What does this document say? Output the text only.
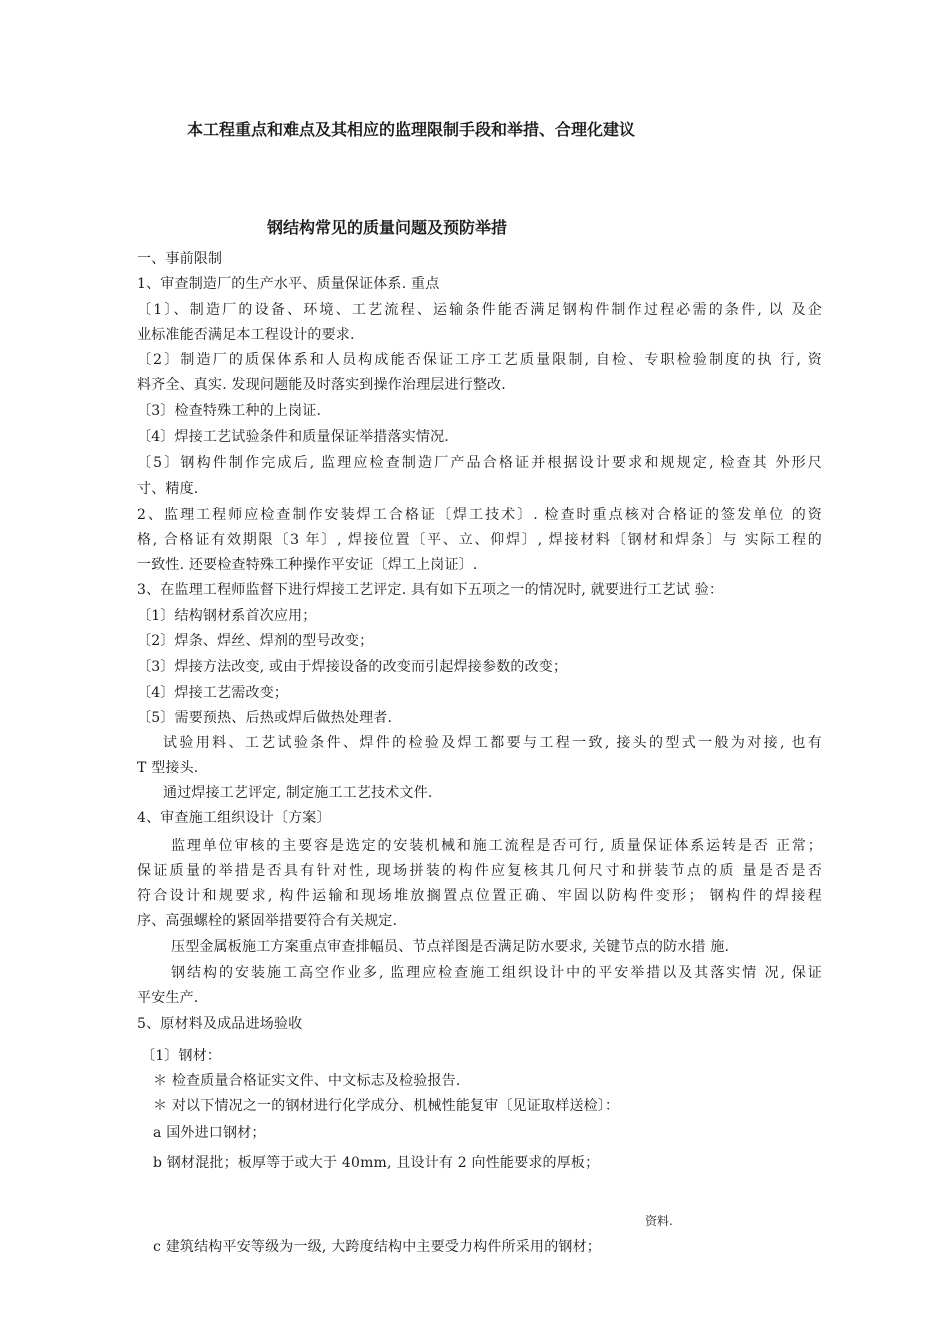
本工程重点和难点及其相应的监理限制手段和举措、合理化建议
钢结构常见的质量问题及预防举措
一、事前限制
1、审查制造厂的生产水平、质量保证体系. 重点
〔1〕、制造厂的设备、环境、工艺流程、运输条件能否满足钢构件制作过程必需的条件, 以 及企
业标准能否满足本工程设计的要求.
〔2〕制造厂的质保体系和人员构成能否保证工序工艺质量限制, 自检、专职检验制度的执 行, 资
料齐全、真实. 发现问题能及时落实到操作治理层进行整改.
〔3〕检查特殊工种的上岗证.
〔4〕焊接工艺试验条件和质量保证举措落实情况.
〔5〕钢构件制作完成后, 监理应检查制造厂产品合格证并根据设计要求和规规定, 检查其 外形尺
寸、精度.
2、监理工程师应检查制作安装焊工合格证〔焊工技术〕. 检查时重点核对合格证的签发单位 的资
格, 合格证有效期限〔3 年〕, 焊接位置〔平、立、仰焊〕, 焊接材料〔钢材和焊条〕与 实际工程的
一致性. 还要检查特殊工种操作平安证〔焊工上岗证〕.
3、在监理工程师监督下进行焊接工艺评定. 具有如下五项之一的情况时, 就要进行工艺试 验：
〔1〕结构钢材系首次应用；
〔2〕焊条、焊丝、焊剂的型号改变；
〔3〕焊接方法改变, 或由于焊接设备的改变而引起焊接参数的改变；
〔4〕焊接工艺需改变；
〔5〕需要预热、后热或焊后做热处理者.
试验用料、工艺试验条件、焊件的检验及焊工都要与工程一致, 接头的型式一般为对接, 也有
T 型接头.
通过焊接工艺评定, 制定施工工艺技术文件.
4、审查施工组织设计〔方案〕
监理单位审核的主要容是选定的安装机械和施工流程是否可行, 质量保证体系运转是否 正常；
保证质量的举措是否具有针对性, 现场拼装的构件应复核其几何尺寸和拼装节点的质 量是否是否
符合设计和规要求, 构件运输和现场堆放搁置点位置正确、牢固以防构件变形； 钢构件的焊接程
序、高强螺栓的紧固举措要符合有关规定.
压型金属板施工方案重点审查排幅员、节点祥图是否满足防水要求, 关键节点的防水措 施.
钢结构的安装施工高空作业多, 监理应检查施工组织设计中的平安举措以及其落实情 况, 保证
平安生产.
5、原材料及成品进场验收
〔1〕钢材：
＊ 检查质量合格证实文件、中文标志及检验报告.
＊ 对以下情况之一的钢材进行化学成分、机械性能复审〔见证取样送检〕：
a 国外进口钢材；
b 钢材混批；板厚等于或大于 40mm, 且设计有 2 向性能要求的厚板；
c 建筑结构平安等级为一级, 大跨度结构中主要受力构件所采用的钢材；
资料.
